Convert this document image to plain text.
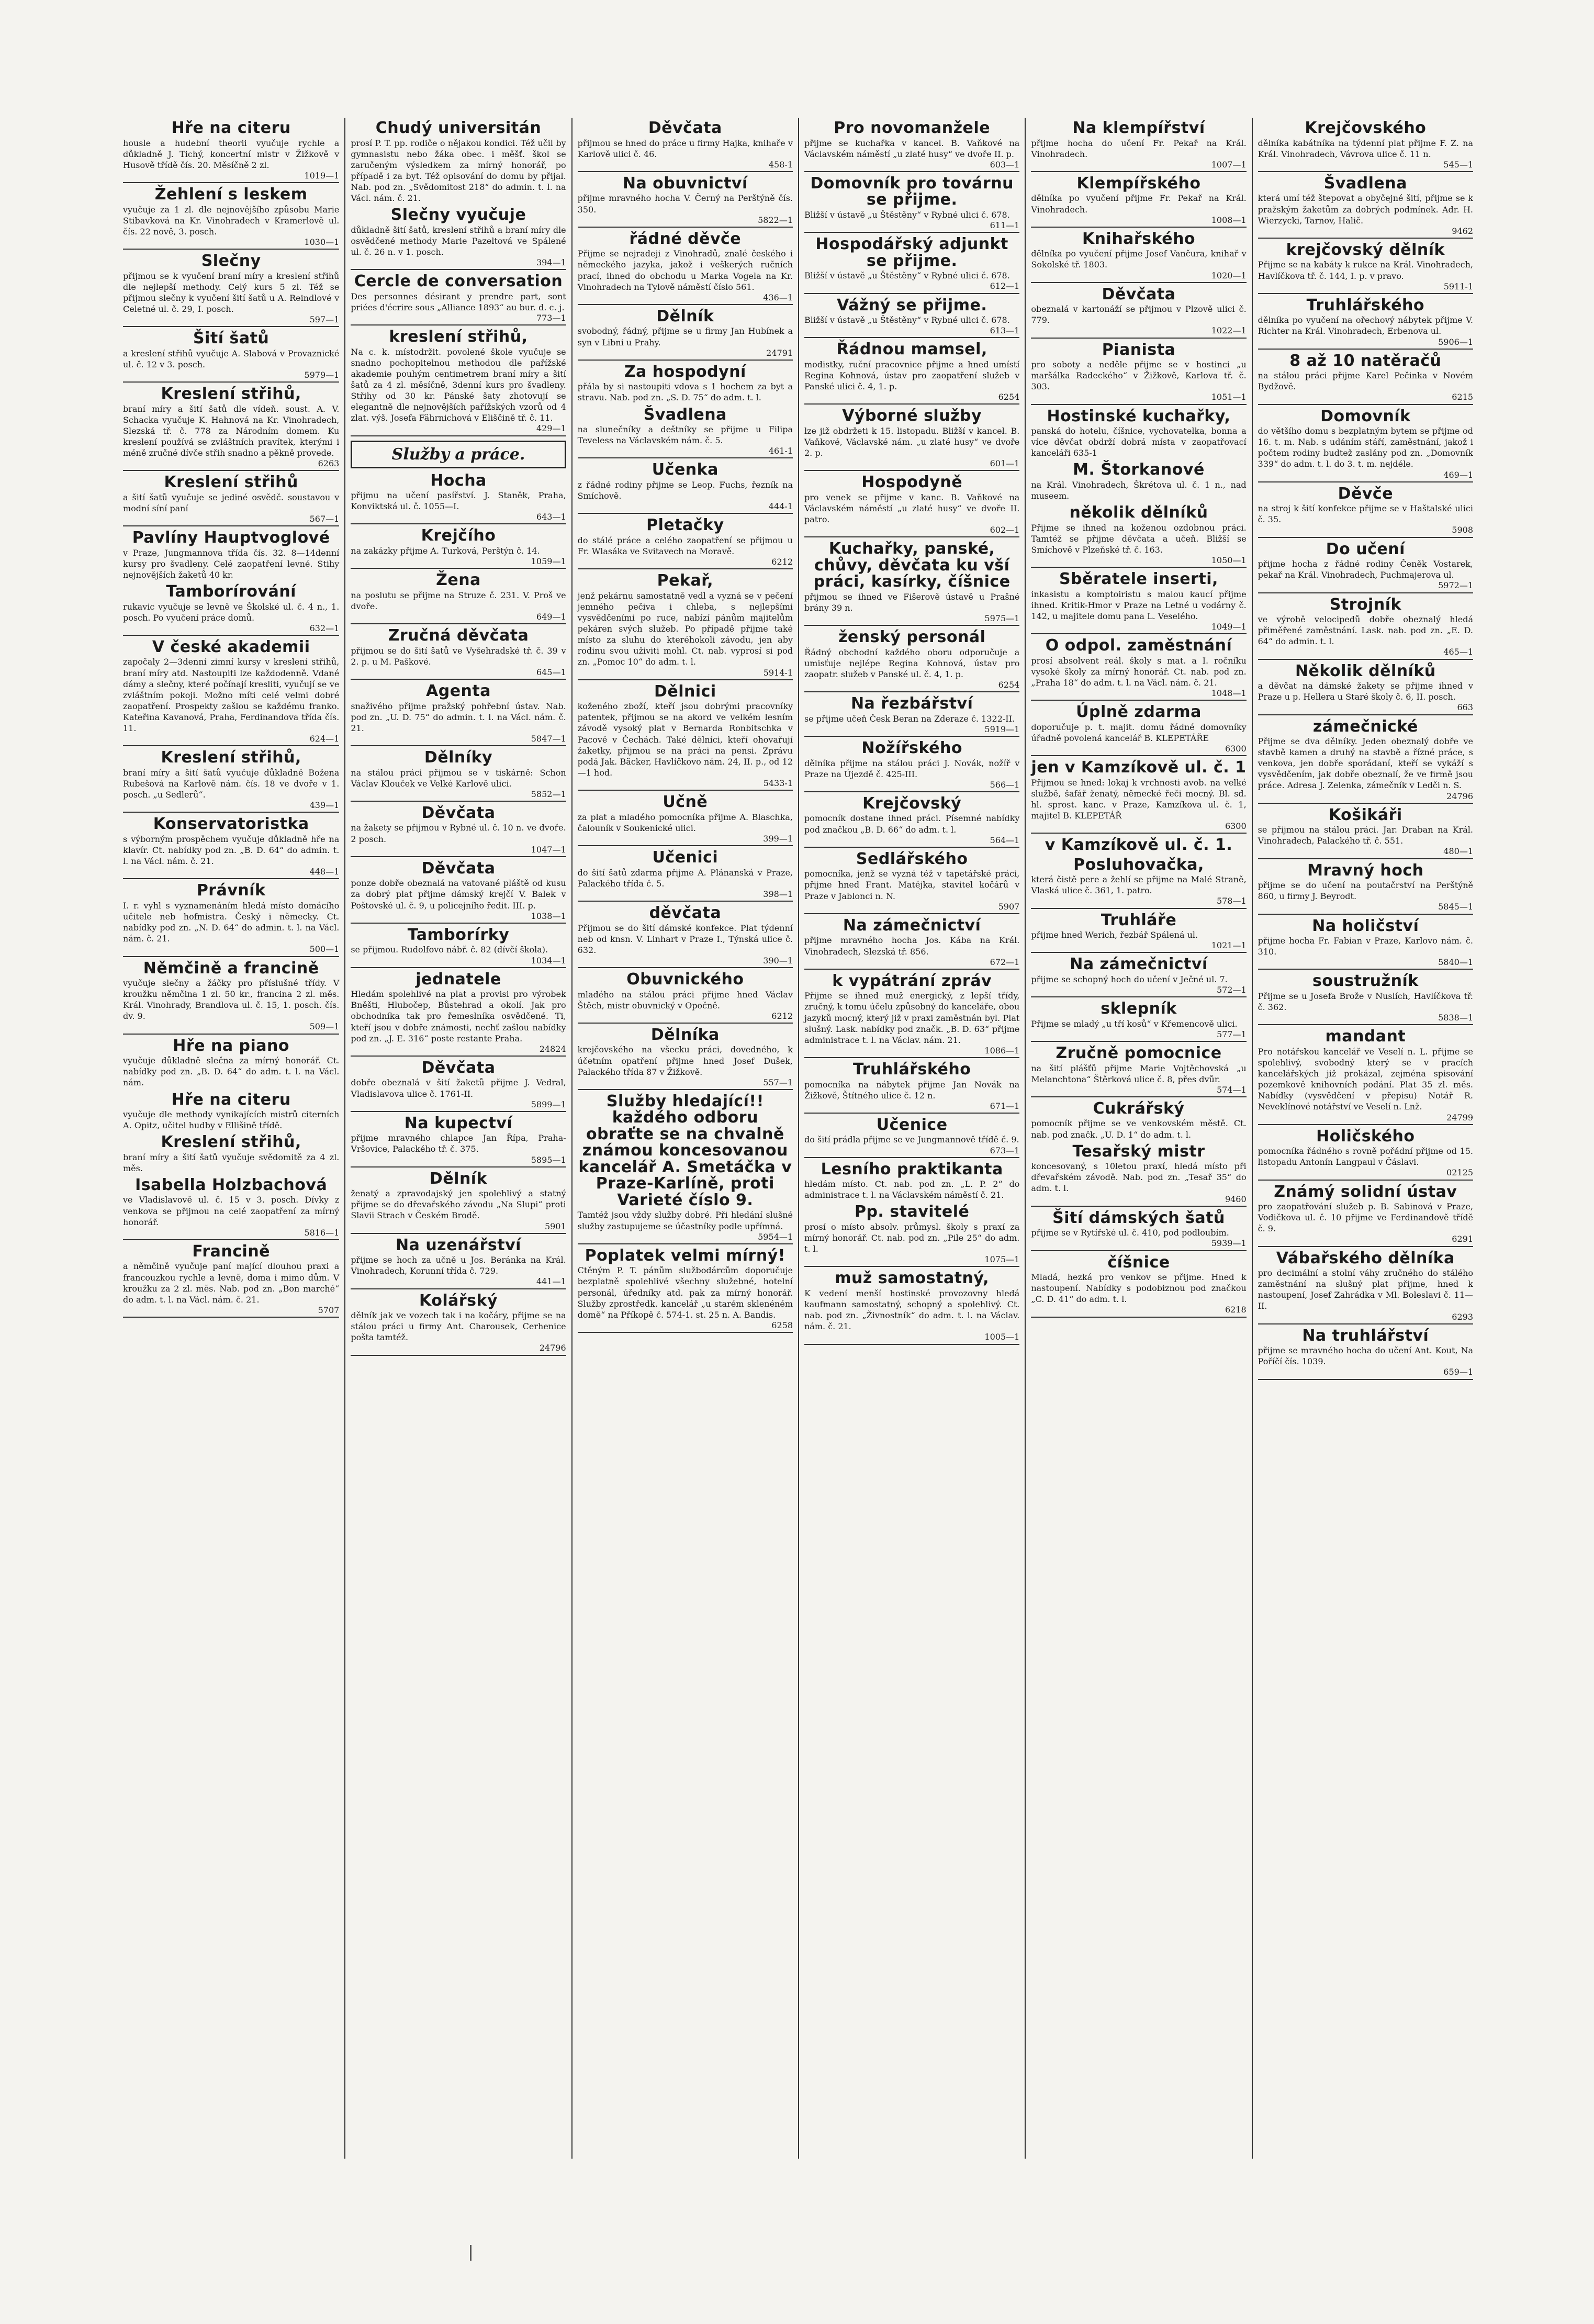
Hře na citeru

housle a hudební theorii vyučuje rychle a důkladně J. Tichý, koncertní mistr v Žižkově v Husově třídě čís. 20. Měsíčně 2 zl.

1019—1
Žehlení s leskem

vyučuje za 1 zl. dle nejnovějšího způsobu Marie Stibavková na Kr. Vinohradech v Kramerlově ul. čís. 22 nově, 3. posch.

1030—1
Slečny

přijmou se k vyučení braní míry a kreslení střihů dle nejlepší methody. Celý kurs 5 zl. Též se přijmou slečny k vyučení šití šatů u A. Reindlové v Celetné ul. č. 29, I. posch.

597—1
Šití šatů

a kreslení střihů vyučuje A. Slabová v Provaznické ul. č. 12 v 3. posch.

5979—1
Kreslení střihů,

braní míry a šití šatů dle vídeň. soust. A. V. Schacka vyučuje K. Hahnová na Kr. Vinohradech, Slezská tř. č. 778 za Národním domem. Ku kreslení používá se zvláštních pravítek, kterými i méně zručné dívče střih snadno a pěkně provede.

6263
Kreslení střihů

a šití šatů vyučuje se jediné osvědč. soustavou v modní síní paní

567—1
Pavlíny Hauptvoglové

v Praze, Jungmannova třída čís. 32. 8—14denní kursy pro švadleny. Celé zaopatření levné. Stihy nejnovějších žaketů 40 kr.

Tamborírování

rukavic vyučuje se levně ve Školské ul. č. 4 n., 1. posch. Po vyučení práce domů.

632—1
V české akademii

započaly 2—3denní zimní kursy v kreslení střihů, braní míry atd. Nastoupiti lze každodenně. Vdané dámy a slečny, které počínají kresliti, vyučují se ve zvláštním pokoji. Možno míti celé velmi dobré zaopatření. Prospekty zašlou se každému franko. Kateřina Kavanová, Praha, Ferdinandova třída čís. 11.

624—1
Kreslení střihů,

braní míry a šití šatů vyučuje důkladně Božena Rubešová na Karlově nám. čís. 18 ve dvoře v 1. posch. „u Sedlerů“.

439—1
Konservatoristka

s výborným prospěchem vyučuje důkladně hře na klavír. Ct. nabídky pod zn. „B. D. 64“ do admin. t. l. na Václ. nám. č. 21.

448—1
Právník

I. r. vyhl s vyznamenáním hledá místo domácího učitele neb hofmistra. Český i německy. Ct. nabídky pod zn. „N. D. 64“ do admin. t. l. na Václ. nám. č. 21.

500—1
Němčině a francině

vyučuje slečny a žáčky pro příslušné třídy. V kroužku němčina 1 zl. 50 kr., francina 2 zl. měs. Král. Vinohrady, Brandlova ul. č. 15, 1. posch. čís. dv. 9.

509—1
Hře na piano

vyučuje důkladně slečna za mírný honorář. Ct. nabídky pod zn. „B. D. 64“ do adm. t. l. na Václ. nám.

Hře na citeru

vyučuje dle methody vynikajících mistrů citerních A. Opitz, učitel hudby v Ellišině třídě.

Kreslení střihů,

braní míry a šití šatů vyučuje svědomitě za 4 zl. měs.

Isabella Holzbachová

ve Vladislavově ul. č. 15 v 3. posch. Dívky z venkova se přijmou na celé zaopatření za mírný honorář.

5816—1
Francině

a němčině vyučuje paní mající dlouhou praxi a francouzkou rychle a levně, doma i mimo dům. V kroužku za 2 zl. měs. Nab. pod zn. „Bon marché“ do adm. t. l. na Václ. nám. č. 21.

5707
Chudý universitán

prosí P. T. pp. rodiče o nějakou kondici. Též učil by gymnasistu nebo žáka obec. i měšť. škol se zaručeným výsledkem za mírný honorář, po případě i za byt. Též opisování do domu by přijal. Nab. pod zn. „Svědomitost 218“ do admin. t. l. na Václ. nám. č. 21.

Slečny vyučuje

důkladně šití šatů, kreslení střihů a braní míry dle osvědčené methody Marie Pazeltová ve Spálené ul. č. 26 n. v 1. posch.

394—1
Cercle de conversation

Des personnes désirant y prendre part, sont priées d'écrire sous „Alliance 1893“ au bur. d. c. j.

773—1
kreslení střihů,

Na c. k. místodržit. povolené škole vyučuje se snadno pochopitelnou methodou dle pařížské akademie pouhým centimetrem braní míry a šití šatů za 4 zl. měsíčně, 3denní kurs pro švadleny. Střihy od 30 kr. Pánské šaty zhotovují se elegantně dle nejnovějších pařížských vzorů od 4 zlat. výš. Josefa Fährnichová v Eliščině tř. č. 11.

429—1
Služby a práce.
Hocha

přijmu na učení pasířství. J. Staněk, Praha, Konviktská ul. č. 1055—I.

643—1
Krejčího

na zakázky přijme A. Turková, Perštýn č. 14.

1059—1
Žena

na poslutu se přijme na Struze č. 231. V. Proš ve dvoře.

649—1
Zručná děvčata

přijmou se do šití šatů ve Vyšehradské tř. č. 39 v 2. p. u M. Paškové.

645—1
Agenta

snaživého přijme pražský pohřební ústav. Nab. pod zn. „U. D. 75“ do admin. t. l. na Václ. nám. č. 21.

5847—1
Dělníky

na stálou práci přijmou se v tiskárně: Schon Václav Klouček ve Velké Karlově ulici.

5852—1
Děvčata

na žakety se přijmou v Rybné ul. č. 10 n. ve dvoře. 2 posch.

1047—1
Děvčata

ponze dobře obeznalá na vatované pláště od kusu za dobrý plat přijme dámský krejčí V. Balek v Poštovské ul. č. 9, u policejního ředit. III. p.

1038—1
Tamborírky

se přijmou. Rudolfovo nábř. č. 82 (dívčí škola).

1034—1
jednatele

Hledám spolehlivé na plat a provisi pro výrobek Bněšti, Hlubočep, Bůstehrad a okolí. Jak pro obchodníka tak pro řemeslníka osvědčené. Ti, kteří jsou v dobře známosti, nechť zašlou nabídky pod zn. „J. E. 316“ poste restante Praha.

24824
Děvčata

dobře obeznalá v šití žaketů přijme J. Vedral, Vladislavova ulice č. 1761-II.

5899—1
Na kupectví

přijme mravného chlapce Jan Řípa, Praha-Vršovice, Palackého tř. č. 375.

5895—1
Dělník

ženatý a zpravodajský jen spolehlivý a statný přijme se do dřevařského závodu „Na Slupi“ proti Slavii Strach v Českém Brodě.

5901
Na uzenářství

přijme se hoch za učně u Jos. Beránka na Král. Vinohradech, Korunní třída č. 729.

441—1
Kolářský

dělník jak ve vozech tak i na kočáry, přijme se na stálou práci u firmy Ant. Charousek, Cerhenice pošta tamtéž.

24796
Děvčata

přijmou se hned do práce u firmy Hajka, knihaře v Karlově ulici č. 46.

458-1
Na obuvnictví

přijme mravného hocha V. Černý na Perštýně čís. 350.

5822—1
řádné děvče

Přijme se nejradeji z Vinohradů, znalé českého i německého jazyka, jakož i veškerých ručních prací, ihned do obchodu u Marka Vogela na Kr. Vinohradech na Tylově náměstí číslo 561.

436—1
Dělník

svobodný, řádný, přijme se u firmy Jan Hubínek a syn v Libni u Prahy.

24791
Za hospodyní

přála by si nastoupiti vdova s 1 hochem za byt a stravu. Nab. pod zn. „S. D. 75“ do adm. t. l.

Švadlena

na slunečníky a deštníky se přijme u Filipa Teveless na Václavském nám. č. 5.

461-1
Učenka

z řádné rodiny přijme se Leop. Fuchs, řezník na Smíchově.

444-1
Pletačky

do stálé práce a celého zaopatření se přijmou u Fr. Wlasáka ve Svitavech na Moravě.

6212
Pekař,

jenž pekárnu samostatně vedl a vyzná se v pečení jemného pečiva i chleba, s nejlepšími vysvědčeními po ruce, nabízí pánům majitelům pekáren svých služeb. Po případě přijme také místo za sluhu do kteréhokoli závodu, jen aby rodinu svou uživiti mohl. Ct. nab. vyprosí si pod zn. „Pomoc 10“ do adm. t. l.

5914-1
Dělnici

koženého zboží, kteří jsou dobrými pracovníky patentek, přijmou se na akord ve velkém lesním závodě vysoký plat v Bernarda Ronbitschka v Pacově v Čechách. Také dělníci, kteří ohovařují žaketky, přijmou se na práci na pensi. Zprávu podá Jak. Bäcker, Havlíčkovo nám. 24, II. p., od 12—1 hod.

5433-1
Učně

za plat a mladého pomocníka přijme A. Blaschka, čalouník v Soukenické ulici.

399—1
Učenici

do šití šatů zdarma přijme A. Plánanská v Praze, Palackého třída č. 5.

398—1
děvčata

Přijmou se do šití dámské konfekce. Plat týdenní neb od knsn. V. Linhart v Praze I., Týnská ulice č. 632.

390—1
Obuvnického

mladého na stálou práci přijme hned Václav Štěch, mistr obuvnický v Opočně.

6212
Dělníka

krejčovského na všecku práci, dovedného, k účetním opatření přijme hned Josef Dušek, Palackého třída 87 v Žižkově.

557—1
Služby hledající!! každého odboru obraťte se na chvalně známou koncesovanou kancelář A. Smetáčka v Praze-Karlíně, proti Varieté číslo 9.

Tamtéž jsou vždy služby dobré. Při hledání slušné služby zastupujeme se účastníky podle upřímná.

5954—1
Poplatek velmi mírný!

Ctěným P. T. pánům službodárcům doporučuje bezplatně spolehlivé všechny služebné, hotelní personál, úředníky atd. pak za mírný honorář. Služby zprostředk. kancelář „u starém sklenéném domě“ na Příkopě č. 574-1. st. 25 n. A. Bandis.

6258
Pro novomanžele

přijme se kuchařka v kancel. B. Vaňkové na Václavském náměstí „u zlaté husy“ ve dvoře II. p.

603—1
Domovník pro továrnu se přijme.

Bližší v ústavě „u Štěstěny“ v Rybné ulici č. 678.

611—1
Hospodářský adjunkt se přijme.

Bližší v ústavě „u Štěstěny“ v Rybné ulici č. 678.

612—1
Vážný se přijme.

Bližší v ústavě „u Štěstěny“ v Rybné ulici č. 678.

613—1
Řádnou mamsel,

modistky, ruční pracovnice přijme a hned umístí Regina Kohnová, ústav pro zaopatření služeb v Panské ulici č. 4, 1. p.

6254
Výborné služby

lze již obdržeti k 15. listopadu. Bližší v kancel. B. Vaňkové, Václavské nám. „u zlaté husy“ ve dvoře 2. p.

601—1
Hospodyně

pro venek se přijme v kanc. B. Vaňkové na Václavském náměstí „u zlaté husy“ ve dvoře II. patro.

602—1
Kuchařky, panské, chůvy, děvčata ku vší práci, kasírky, číšnice

přijmou se ihned ve Fišerově ústavě u Prašné brány 39 n.

5975—1
ženský personál

Řádný obchodní každého oboru odporučuje a umisťuje nejlépe Regina Kohnová, ústav pro zaopatr. služeb v Panské ul. č. 4, 1. p.

6254
Na řezbářství

se přijme učeň Česk Beran na Zderaze č. 1322-II.

5919—1
Nožířského

dělníka přijme na stálou práci J. Novák, nožíř v Praze na Újezdě č. 425-III.

566—1
Krejčovský

pomocník dostane ihned práci. Písemné nabídky pod značkou „B. D. 66“ do adm. t. l.

564—1
Sedlářského

pomocníka, jenž se vyzná též v tapetářské práci, přijme hned Frant. Matějka, stavitel kočárů v Praze v Jablonci n. N.

5907
Na zámečnictví

přijme mravného hocha Jos. Kába na Král. Vinohradech, Slezská tř. 856.

672—1
k vypátrání zpráv

Přijme se ihned muž energický, z lepší třídy, zručný, k tomu účelu způsobný do kanceláře, obou jazyků mocný, který již v praxi zaměstnán byl. Plat slušný. Lask. nabídky pod značk. „B. D. 63“ přijme administrace t. l. na Václav. nám. 21.

1086—1
Truhlářského

pomocníka na nábytek přijme Jan Novák na Žižkově, Štítného ulice č. 12 n.

671—1
Učenice

do šití prádla přijme se ve Jungmannově třídě č. 9.

673—1
Lesního praktikanta

hledám místo. Ct. nab. pod zn. „L. P. 2“ do administrace t. l. na Václavském náměstí č. 21.

Pp. stavitelé

prosí o místo absolv. průmysl. školy s praxí za mírný honorář. Ct. nab. pod zn. „Pile 25“ do adm. t. l.

1075—1
muž samostatný,

K vedení menší hostinské provozovny hledá kaufmann samostatný, schopný a spolehlivý. Ct. nab. pod zn. „Živnostník“ do adm. t. l. na Václav. nám. č. 21.

1005—1
Na klempířství

přijme hocha do učení Fr. Pekař na Král. Vinohradech.

1007—1
Klempířského

dělníka po vyučení přijme Fr. Pekař na Král. Vinohradech.

1008—1
Knihařského

dělníka po vyučení přijme Josef Vančura, knihař v Sokolské tř. 1803.

1020—1
Děvčata

obeznalá v kartonáží se přijmou v Plzově ulici č. 779.

1022—1
Pianista

pro soboty a neděle přijme se v hostinci „u maršálka Radeckého“ v Žižkově, Karlova tř. č. 303.

1051—1
Hostinské kuchařky,

panská do hotelu, číšnice, vychovatelka, bonna a více děvčat obdrží dobrá místa v zaopatřovací kanceláři 635-1

M. Štorkanové

na Král. Vinohradech, Škrétova ul. č. 1 n., nad museem.

několik dělníků

Přijme se ihned na koženou ozdobnou práci. Tamtéž se přijme děvčata a učeň. Bližší se Smíchově v Plzeňské tř. č. 163.

1050—1
Sběratele inserti,

inkasistu a komptoiristu s malou kaucí přijme ihned. Kritik-Hmor v Praze na Letné u vodárny č. 142, u majitele domu pana L. Veselého.

1049—1
O odpol. zaměstnání

prosí absolvent reál. školy s mat. a I. ročníku vysoké školy za mírný honorář. Ct. nab. pod zn. „Praha 18“ do adm. t. l. na Václ. nám. č. 21.

1048—1
Úplně zdarma

doporučuje p. t. majit. domu řádné domovníky úřadně povolená kancelář B. KLEPETÁŘE

6300
jen v Kamzíkově ul. č. 1

Přijmou se hned: lokaj k vrchnosti avob. na velké službě, šafář ženatý, německé řeči mocný. Bl. sd. hl. sprost. kanc. v Praze, Kamzíkova ul. č. 1, majitel B. KLEPETÁŘ

6300
v Kamzíkově ul. č. 1.
Posluhovačka,

která čistě pere a žehlí se přijme na Malé Straně, Vlaská ulice č. 361, 1. patro.

578—1
Truhláře

přijme hned Werich, řezbář Spálená ul.

1021—1
Na zámečnictví

přijme se schopný hoch do učení v Ječné ul. 7.

572—1
sklepník

Přijme se mladý „u tří kosů“ v Křemencově ulici.

577—1
Zručně pomocnice

na šití plášťů přijme Marie Vojtěchovská „u Melanchtona“ Štěrková ulice č. 8, přes dvůr.

574—1
Cukrářský

pomocník přijme se ve venkovském městě. Ct. nab. pod značk. „U. D. 1“ do adm. t. l.

Tesařský mistr

koncesovaný, s 10letou praxí, hledá místo při dřevařském závodě. Nab. pod zn. „Tesař 35“ do adm. t. l.

9460
Šití dámských šatů

přijme se v Rytířské ul. č. 410, pod podloubím.

5939—1
číšnice

Mladá, hezká pro venkov se přijme. Hned k nastoupení. Nabídky s podobiznou pod značkou „C. D. 41“ do adm. t. l.

6218
Krejčovského

dělníka kabátníka na týdenní plat přijme F. Z. na Král. Vinohradech, Vávrova ulice č. 11 n.

545—1
Švadlena

která umí též štepovat a obyčejné šití, přijme se k pražským žaketům za dobrých podmínek. Adr. H. Wierzycki, Tarnov, Halič.

9462
krejčovský dělník

Přijme se na kabáty k rukce na Král. Vinohradech, Havlíčkova tř. č. 144, I. p. v pravo.

5911-1
Truhlářského

dělníka po vyučení na ořechový nábytek přijme V. Richter na Král. Vinohradech, Erbenova ul.

5906—1
8 až 10 natěračů

na stálou práci přijme Karel Pečinka v Novém Bydžově.

6215
Domovník

do většího domu s bezplatným bytem se přijme od 16. t. m. Nab. s udáním stáří, zaměstnání, jakož i počtem rodiny budtež zaslány pod zn. „Domovník 339“ do adm. t. l. do 3. t. m. nejdéle.

469—1
Děvče

na stroj k šití konfekce přijme se v Haštalské ulici č. 35.

5908
Do učení

přijme hocha z řádné rodiny Čeněk Vostarek, pekař na Král. Vinohradech, Puchmajerova ul.

5972—1
Strojník

ve výrobě velocipedů dobře obeznalý hledá přiměřené zaměstnání. Lask. nab. pod zn. „E. D. 64“ do admin. t. l.

465—1
Několik dělníků

a děvčat na dámské žakety se přijme ihned v Praze u p. Hellera u Staré školy č. 6, II. posch.

663
zámečnické

Přijme se dva dělníky. Jeden obeznalý dobře ve stavbě kamen a druhý na stavbě a řízné práce, s venkova, jen dobře sporádaní, kteří se vykáží s vysvědčením, jak dobře obeznalí, že ve firmě jsou práce. Adresa J. Zelenka, zámečník v Ledči n. S.

24796
Košikáři

se přijmou na stálou práci. Jar. Draban na Král. Vinohradech, Palackého tř. č. 551.

480—1
Mravný hoch

přijme se do učení na poutačrství na Perštýně 860, u firmy J. Beyrodt.

5845—1
Na holičství

přijme hocha Fr. Fabian v Praze, Karlovo nám. č. 310.

5840—1
soustružník

Přijme se u Josefa Brože v Nuslích, Havlíčkova tř. č. 362.

5838—1
mandant

Pro notářskou kancelář ve Veselí n. L. přijme se spolehlivý, svobodný který se v pracích kancelářských již prokázal, zejména spisování pozemkově knihovních podání. Plat 35 zl. měs. Nabídky (vysvědčení v přepisu) Notář R. Neveklínové notářství ve Veselí n. Lnž.

24799
Holičského

pomocníka řádného s rovně pořádní přijme od 15. listopadu Antonín Langpaul v Čáslavi.

02125
Známý solidní ústav

pro zaopatřování služeb p. B. Sabinová v Praze, Vodičkova ul. č. 10 přijme ve Ferdinandově třídě č. 9.

6291
Vábařského dělníka

pro decimální a stolní váhy zručného do stálého zaměstnání na slušný plat přijme, hned k nastoupení, Josef Zahrádka v Ml. Boleslavi č. 11—II.

6293
Na truhlářství

přijme se mravného hocha do učení Ant. Kout, Na Poříčí čís. 1039.

659—1
